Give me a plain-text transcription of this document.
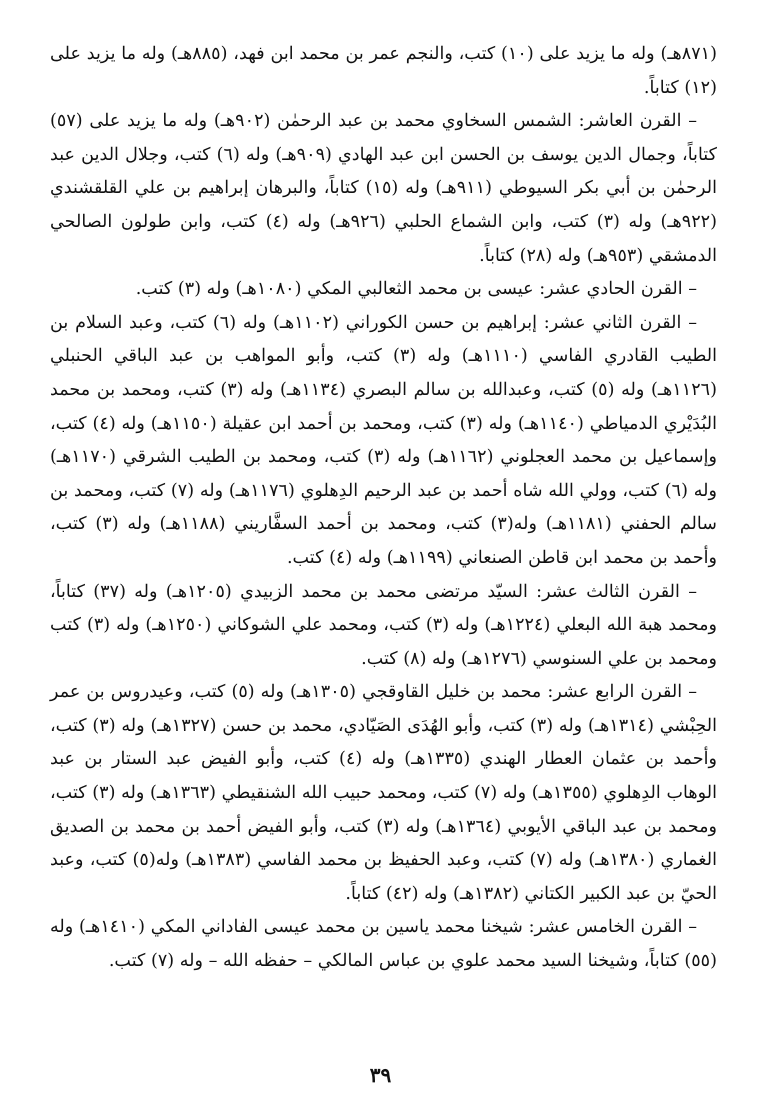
(٨٧١هـ) وله ما يزيد على (١٠) كتب، والنجم عمر بن محمد ابن فهد، (٨٨٥هـ) وله ما يزيد على (١٢) كتاباً.

– القرن العاشر: الشمس السخاوي محمد بن عبد الرحمٰن (٩٠٢هـ) وله ما يزيد على (٥٧) كتاباً، وجمال الدين يوسف بن الحسن ابن عبد الهادي (٩٠٩هـ) وله (٦) كتب، وجلال الدين عبد الرحمٰن بن أبي بكر السيوطي (٩١١هـ) وله (١٥) كتاباً، والبرهان إبراهيم بن علي القلقشندي (٩٢٢هـ) وله (٣) كتب، وابن الشماع الحلبي (٩٢٦هـ) وله (٤) كتب، وابن طولون الصالحي الدمشقي (٩٥٣هـ) وله (٢٨) كتاباً.

– القرن الحادي عشر: عيسى بن محمد الثعالبي المكي (١٠٨٠هـ) وله (٣) كتب.

– القرن الثاني عشر: إبراهيم بن حسن الكوراني (١١٠٢هـ) وله (٦) كتب، وعبد السلام بن الطيب القادري الفاسي (١١١٠هـ) وله (٣) كتب، وأبو المواهب بن عبد الباقي الحنبلي (١١٢٦هـ) وله (٥) كتب، وعبدالله بن سالم البصري (١١٣٤هـ) وله (٣) كتب، ومحمد بن محمد البُدَيْري الدمياطي (١١٤٠هـ) وله (٣) كتب، ومحمد بن أحمد ابن عقيلة (١١٥٠هـ) وله (٤) كتب، وإسماعيل بن محمد العجلوني (١١٦٢هـ) وله (٣) كتب، ومحمد بن الطيب الشرقي (١١٧٠هـ) وله (٦) كتب، وولي الله شاه أحمد بن عبد الرحيم الدِهلوي (١١٧٦هـ) وله (٧) كتب، ومحمد بن سالم الحفني (١١٨١هـ) وله(٣) كتب، ومحمد بن أحمد السفَّاريني (١١٨٨هـ) وله (٣) كتب، وأحمد بن محمد ابن قاطن الصنعاني (١١٩٩هـ) وله (٤) كتب.

– القرن الثالث عشر: السيّد مرتضى محمد بن محمد الزبيدي (١٢٠٥هـ) وله (٣٧) كتاباً، ومحمد هبة الله البعلي (١٢٢٤هـ) وله (٣) كتب، ومحمد علي الشوكاني (١٢٥٠هـ) وله (٣) كتب ومحمد بن علي السنوسي (١٢٧٦هـ) وله (٨) كتب.

– القرن الرابع عشر: محمد بن خليل القاوقجي (١٣٠٥هـ) وله (٥) كتب، وعيدروس بن عمر الحِبْشي (١٣١٤هـ) وله (٣) كتب، وأبو الهُدَى الصَيّادي، محمد بن حسن (١٣٢٧هـ) وله (٣) كتب، وأحمد بن عثمان العطار الهندي (١٣٣٥هـ) وله (٤) كتب، وأبو الفيض عبد الستار بن عبد الوهاب الدِهلوي (١٣٥٥هـ) وله (٧) كتب، ومحمد حبيب الله الشنقيطي (١٣٦٣هـ) وله (٣) كتب، ومحمد بن عبد الباقي الأيوبي (١٣٦٤هـ) وله (٣) كتب، وأبو الفيض أحمد بن محمد بن الصديق الغماري (١٣٨٠هـ) وله (٧) كتب، وعبد الحفيظ بن محمد الفاسي (١٣٨٣هـ) وله(٥) كتب، وعبد الحيّ بن عبد الكبير الكتاني (١٣٨٢هـ) وله (٤٢) كتاباً.

– القرن الخامس عشر: شيخنا محمد ياسين بن محمد عيسى الفاداني المكي (١٤١٠هـ) وله (٥٥) كتاباً، وشيخنا السيد محمد علوي بن عباس المالكي – حفظه الله – وله (٧) كتب.

٣٩
